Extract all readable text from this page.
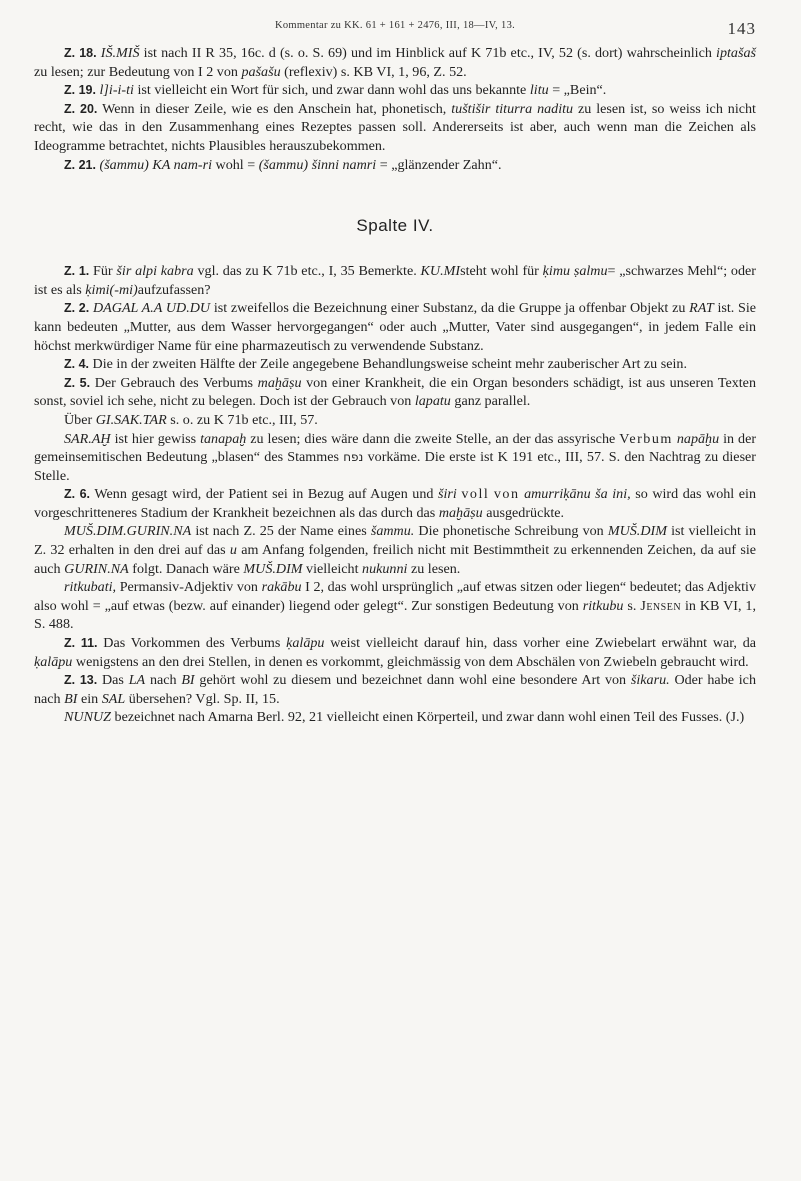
Kommentar zu KK. 61 + 161 + 2476, III, 18—IV, 13.	143

Z. 18. IŠ.MIŠ ist nach II R 35, 16c. d (s. o. S. 69) und im Hinblick auf K 71b etc., IV, 52 (s. dort) wahrscheinlich iptašaš zu lesen; zur Bedeutung von I 2 von pašašu (reflexiv) s. KB VI, 1, 96, Z. 52.

Z. 19. l]i-i-ti ist vielleicht ein Wort für sich, und zwar dann wohl das uns bekannte litu = „Bein“.

Z. 20. Wenn in dieser Zeile, wie es den Anschein hat, phonetisch, tuštišir titurra naditu zu lesen ist, so weiss ich nicht recht, wie das in den Zusammenhang eines Rezeptes passen soll. Andererseits ist aber, auch wenn man die Zeichen als Ideogramme betrachtet, nichts Plausibles herauszubekommen.

Z. 21. (šammu) KA nam-ri wohl = (šammu) šinni namri = „glänzender Zahn“.

Spalte IV.

Z. 1. Für šir alpi kabra vgl. das zu K 71b etc., I, 35 Bemerkte. KU.MIsteht wohl für ḳimu ṣalmu= „schwarzes Mehl“; oder ist es als ḳimi(-mi)aufzufassen?

Z. 2. DAGAL A.A UD.DU ist zweifellos die Bezeichnung einer Substanz, da die Gruppe ja offenbar Objekt zu RAT ist. Sie kann bedeuten „Mutter, aus dem Wasser hervorgegangen“ oder auch „Mutter, Vater sind ausgegangen“, in jedem Falle ein höchst merkwürdiger Name für eine pharmazeutisch zu verwendende Substanz.

Z. 4. Die in der zweiten Hälfte der Zeile angegebene Behandlungsweise scheint mehr zauberischer Art zu sein.

Z. 5. Der Gebrauch des Verbums maḫāṣu von einer Krankheit, die ein Organ besonders schädigt, ist aus unseren Texten sonst, soviel ich sehe, nicht zu belegen. Doch ist der Gebrauch von lapatu ganz parallel.

Über GI.SAK.TAR s. o. zu K 71b etc., III, 57.

SAR.AḪ ist hier gewiss tanapaḫ zu lesen; dies wäre dann die zweite Stelle, an der das assyrische Verbum napāḫu in der gemeinsemitischen Bedeutung „blasen“ des Stammes נפח vorkäme. Die erste ist K 191 etc., III, 57. S. den Nachtrag zu dieser Stelle.

Z. 6. Wenn gesagt wird, der Patient sei in Bezug auf Augen und širi voll von amurriḳānu ša ini, so wird das wohl ein vorgeschritteneres Stadium der Krankheit bezeichnen als das durch das maḫāṣu ausgedrückte.

MUŠ.DIM.GURIN.NA ist nach Z. 25 der Name eines šammu. Die phonetische Schreibung von MUŠ.DIM ist vielleicht in Z. 32 erhalten in den drei auf das u am Anfang folgenden, freilich nicht mit Bestimmtheit zu erkennenden Zeichen, da auf sie auch GURIN.NA folgt. Danach wäre MUŠ.DIM vielleicht nukunni zu lesen.

ritkubati, Permansiv-Adjektiv von rakābu I 2, das wohl ursprünglich „auf etwas sitzen oder liegen“ bedeutet; das Adjektiv also wohl = „auf etwas (bezw. auf einander) liegend oder gelegt“. Zur sonstigen Bedeutung von ritkubu s. Jensen in KB VI, 1, S. 488.

Z. 11. Das Vorkommen des Verbums ḳalāpu weist vielleicht darauf hin, dass vorher eine Zwiebelart erwähnt war, da ḳalāpu wenigstens an den drei Stellen, in denen es vorkommt, gleichmässig von dem Abschälen von Zwiebeln gebraucht wird.

Z. 13. Das LA nach BI gehört wohl zu diesem und bezeichnet dann wohl eine besondere Art von šikaru. Oder habe ich nach BI ein SAL übersehen? Vgl. Sp. II, 15.

NUNUZ bezeichnet nach Amarna Berl. 92, 21 vielleicht einen Körperteil, und zwar dann wohl einen Teil des Fusses. (J.)
